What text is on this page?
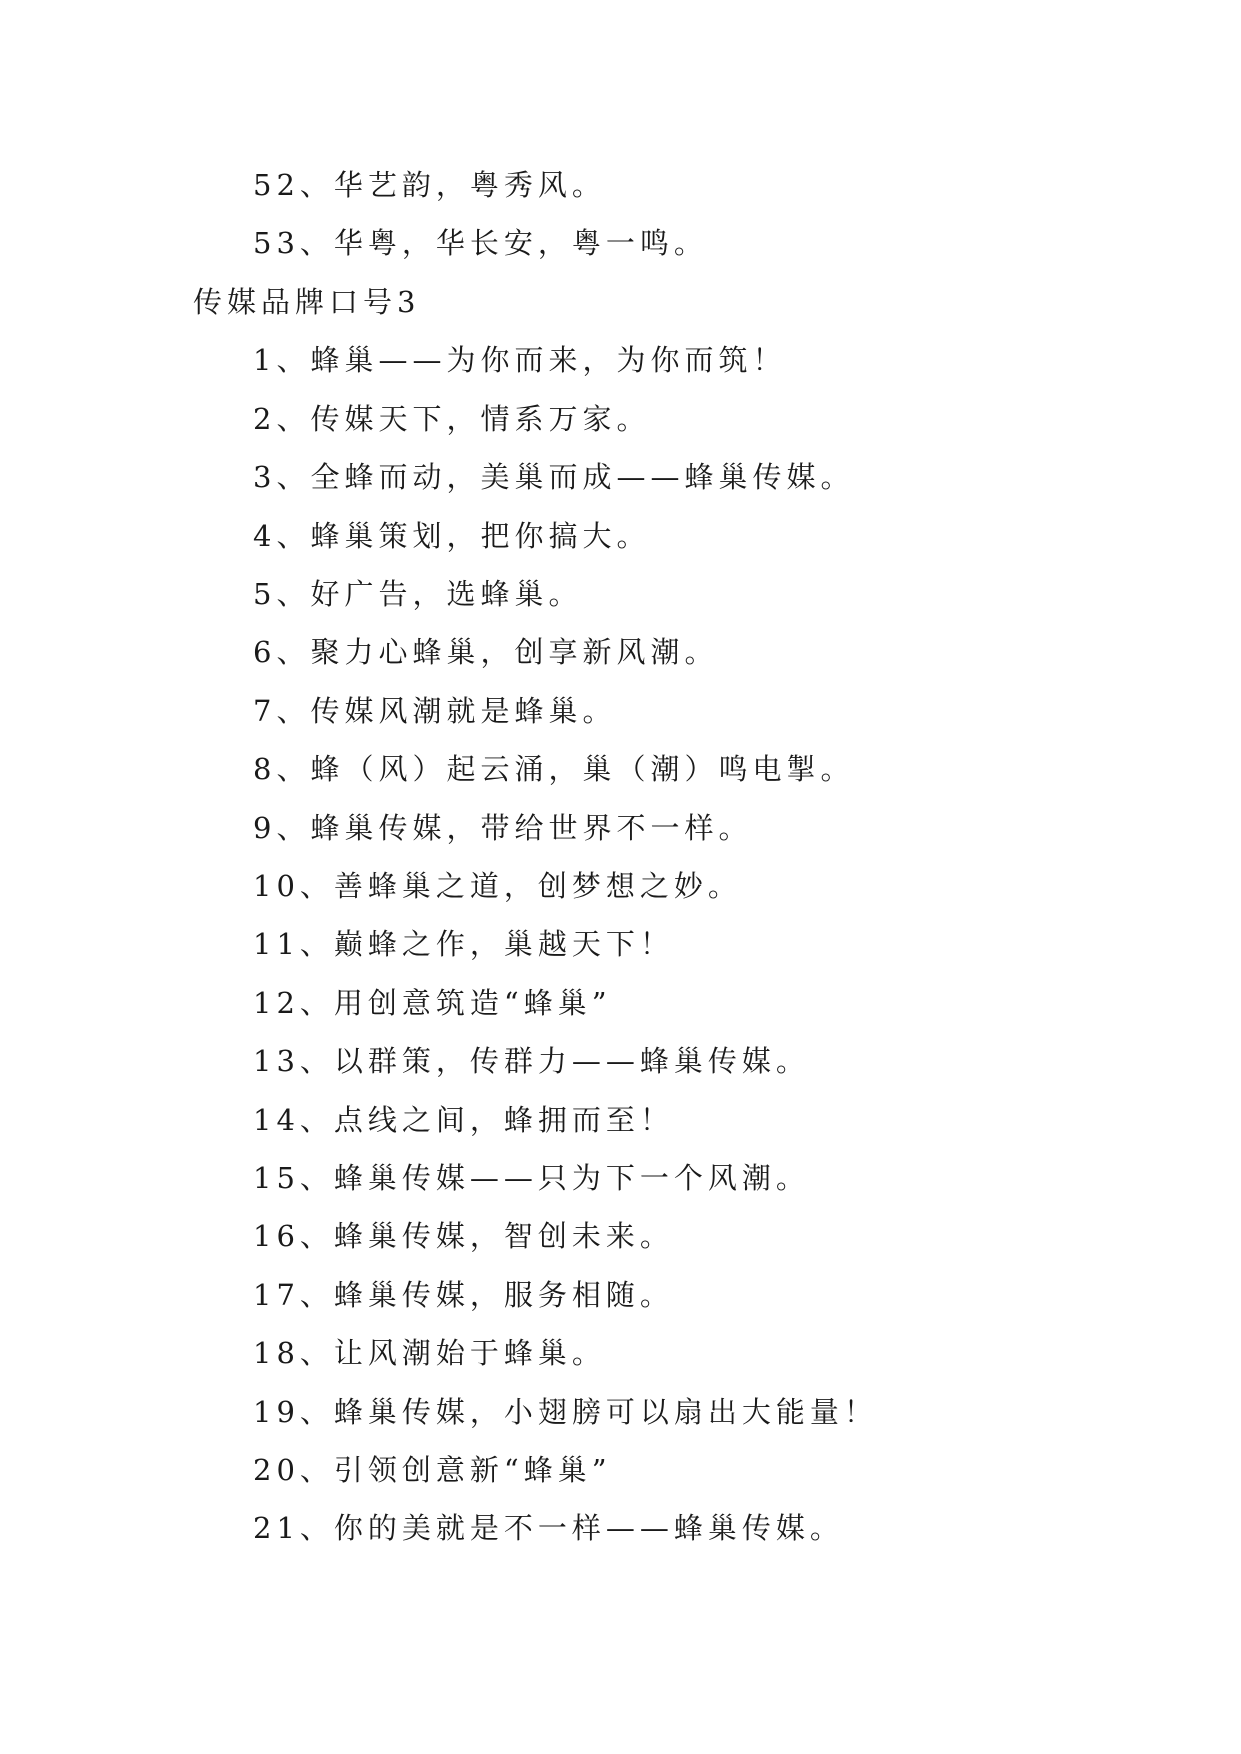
52、华艺韵，粤秀风。
53、华粤，华长安，粤一鸣。
传媒品牌口号3
1、蜂巢——为你而来，为你而筑！
2、传媒天下，情系万家。
3、全蜂而动，美巢而成——蜂巢传媒。
4、蜂巢策划，把你搞大。
5、好广告，选蜂巢。
6、聚力心蜂巢，创享新风潮。
7、传媒风潮就是蜂巢。
8、蜂（风）起云涌，巢（潮）鸣电掣。
9、蜂巢传媒，带给世界不一样。
10、善蜂巢之道，创梦想之妙。
11、巅蜂之作，巢越天下！
12、用创意筑造“蜂巢”
13、以群策，传群力——蜂巢传媒。
14、点线之间，蜂拥而至！
15、蜂巢传媒——只为下一个风潮。
16、蜂巢传媒，智创未来。
17、蜂巢传媒，服务相随。
18、让风潮始于蜂巢。
19、蜂巢传媒，小翅膀可以扇出大能量！
20、引领创意新“蜂巢”
21、你的美就是不一样——蜂巢传媒。
